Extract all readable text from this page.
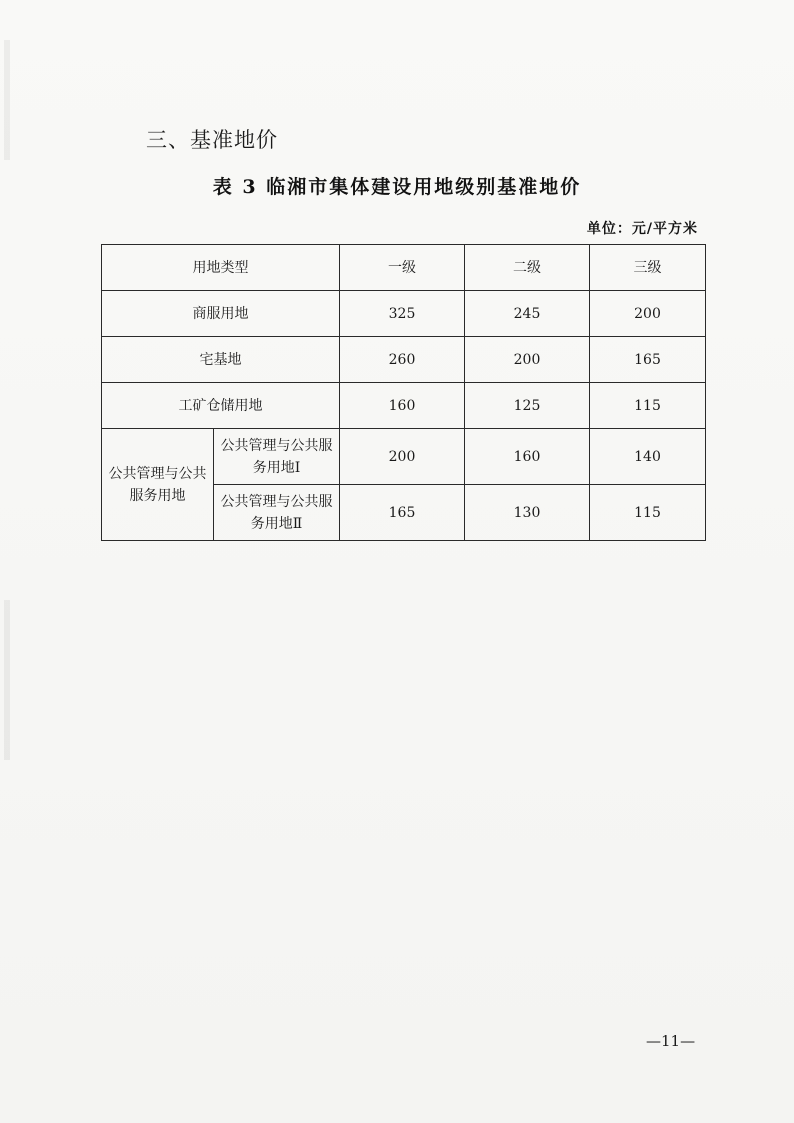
三、基准地价
表 3 临湘市集体建设用地级别基准地价
单位：元/平方米
用地类型		一级	二级	三级
商服用地		325	245	200
宅基地		260	200	165
工矿仓储用地		160	125	115
公共管理与公共服务用地	公共管理与公共服务用地Ⅰ	200	160	140
	公共管理与公共服务用地Ⅱ	165	130	115
—11—
